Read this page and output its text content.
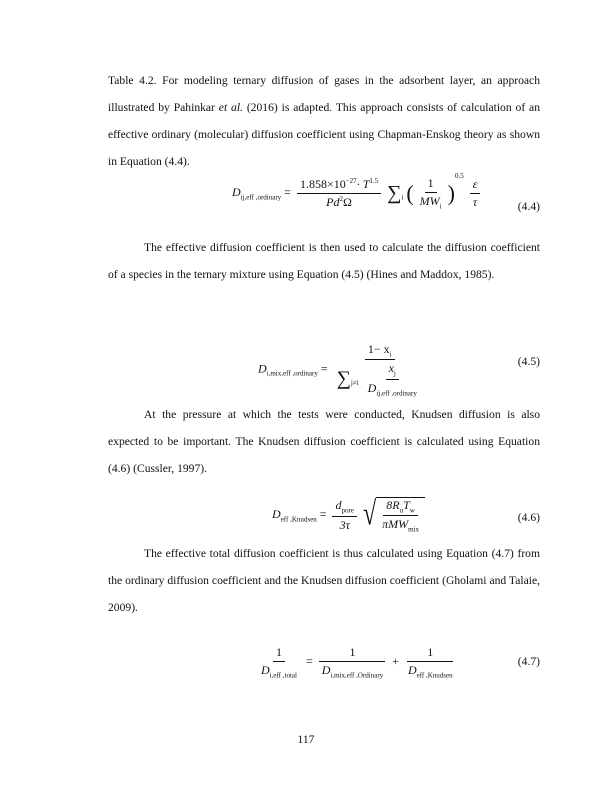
Table 4.2. For modeling ternary diffusion of gases in the adsorbent layer, an approach illustrated by Pahinkar et al. (2016) is adapted. This approach consists of calculation of an effective ordinary (molecular) diffusion coefficient using Chapman-Enskog theory as shown in Equation (4.4).
$D_{ij,eff ,ordinary} = \frac{1.858\times 10^{-27}\cdot T^{1.5}}{Pd^2\Omega} \sum_i$ ( $\frac{1}{MW_i} )^{0.5}$
$\frac{\varepsilon}{\tau}$	(4.4)
The effective diffusion coefficient is then used to calculate the diffusion coefficient of a species in the ternary mixture using Equation (4.5) (Hines and Maddox, 1985).
$D_{i,mix,eff ,ordinary} = \frac{1- x_i}{\sum_{j\ne i} \frac{x_j}{D_{ij,eff ,ordinary}}}$	(4.5)
At the pressure at which the tests were conducted, Knudsen diffusion is also expected to be important. The Knudsen diffusion coefficient is calculated using Equation (4.6) (Cussler, 1997).
$D_{eff ,Knudsen} = \frac{d_{pore}}{3\tau}$
√ $\frac{8R_uT_w}{\pi MW_{mix}}$	(4.6)
The effective total diffusion coefficient is thus calculated using Equation (4.7) from the ordinary diffusion coefficient and the Knudsen diffusion coefficient (Gholami and Talaie, 2009).
$\frac{1}{D_{i,eff ,total}} = \frac{1}{D_{i,mix,eff ,Ordinary}} + \frac{1}{D_{eff ,Knudsen}}$	(4.7)
117
